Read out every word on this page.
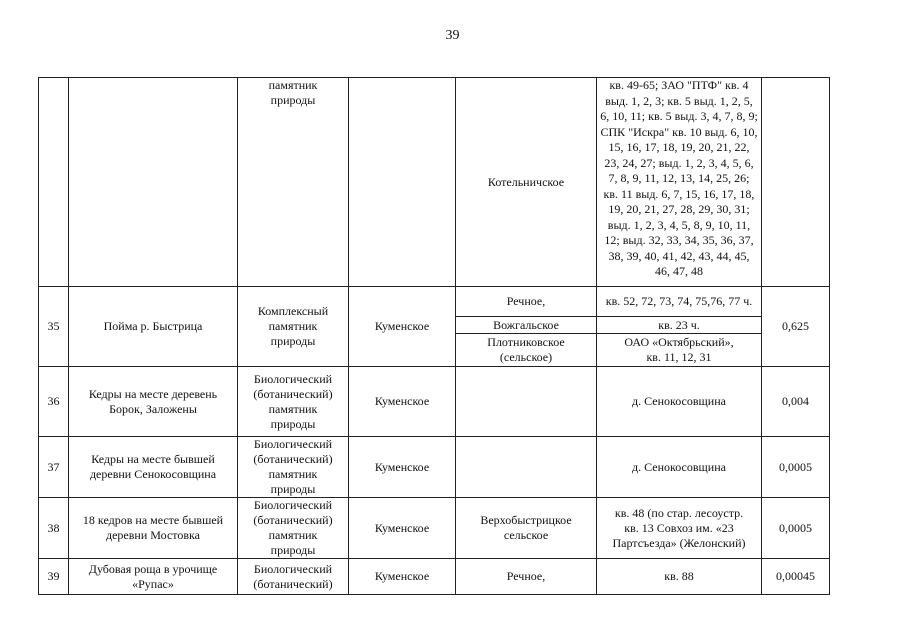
39

		памятник
природы		Котельничское	кв. 49-65; ЗАО "ПТФ" кв. 4 выд. 1, 2, 3; кв. 5 выд. 1, 2, 5, 6, 10, 11; кв. 5 выд. 3, 4, 7, 8, 9; СПК "Искра" кв. 10 выд. 6, 10, 15, 16, 17, 18, 19, 20, 21, 22, 23, 24, 27; выд. 1, 2, 3, 4, 5, 6, 7, 8, 9, 11, 12, 13, 14, 25, 26; кв. 11 выд. 6, 7, 15, 16, 17, 18, 19, 20, 21, 27, 28, 29, 30, 31; выд. 1, 2, 3, 4, 5, 8, 9, 10, 11, 12; выд. 32, 33, 34, 35, 36, 37, 38, 39, 40, 41, 42, 43, 44, 45, 46, 47, 48	

35	Пойма р. Быстрица	Комплексный
памятник
природы	Куменское	Речное,	кв. 52, 72, 73, 74, 75,76, 77 ч.	0,625
				Вожгальское	кв. 23 ч.	
				Плотниковское
(сельское)	ОАО «Октябрьский»,
кв. 11, 12, 31	
36	Кедры на месте деревень
Борок, Заложены	Биологический
(ботанический)
памятник
природы	Куменское		д. Сенокосовщина	0,004
37	Кедры на месте бывшей
деревни Сенокосовщина	Биологический
(ботанический)
памятник
природы	Куменское		д. Сенокосовщина	0,0005
38	18 кедров на месте бывшей
деревни Мостовка	Биологический
(ботанический)
памятник
природы	Куменское	Верхобыстрицкое
сельское	кв. 48 (по стар. лесоустр.
кв. 13 Совхоз им. «23
Партсъезда» (Желонский)	0,0005
39	Дубовая роща в урочище
«Рупас»	Биологический
(ботанический)	Куменское	Речное,	кв. 88	0,00045
